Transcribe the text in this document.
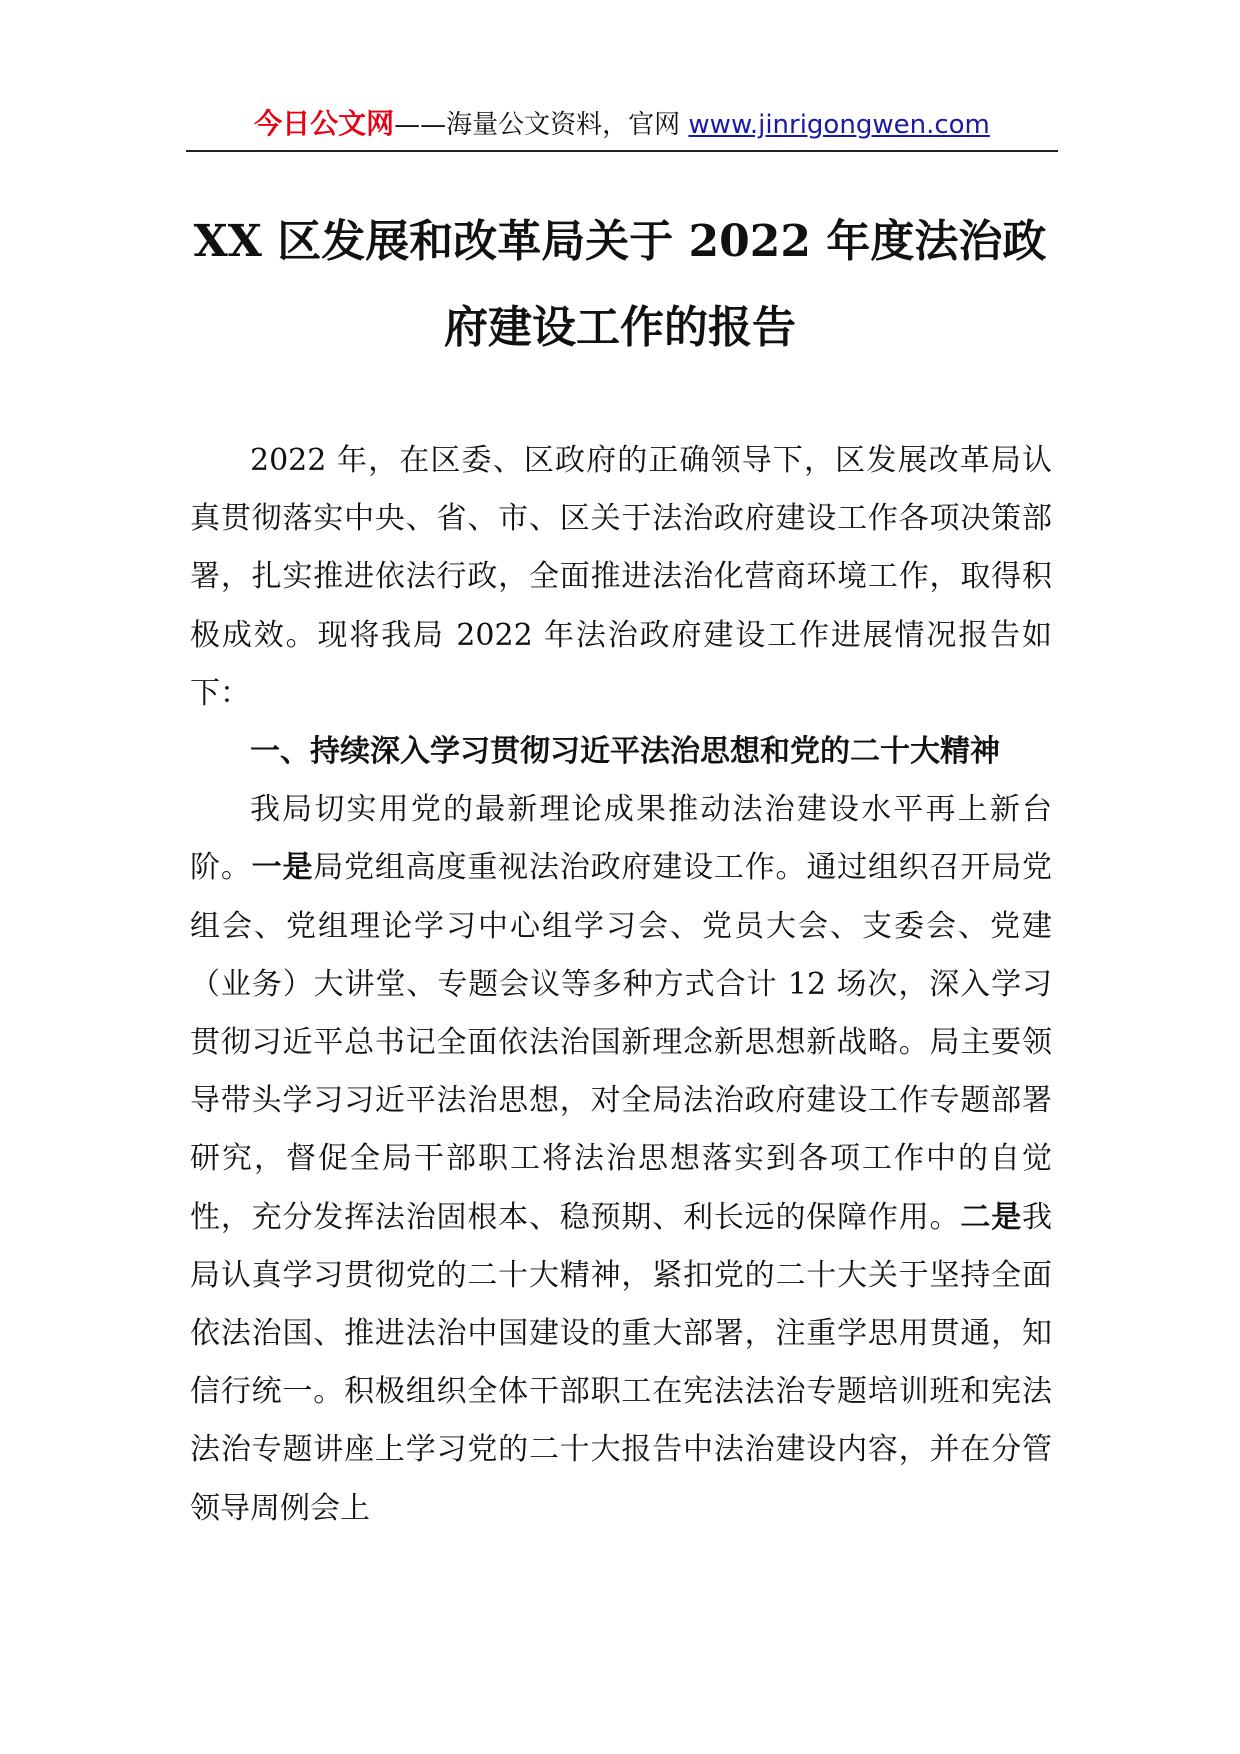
今日公文网——海量公文资料，官网 www.jinrigongwen.com
XX 区发展和改革局关于 2022 年度法治政
府建设工作的报告

2022 年，在区委、区政府的正确领导下，区发展改革局认真贯彻落实中央、省、市、区关于法治政府建设工作各项决策部署，扎实推进依法行政，全面推进法治化营商环境工作，取得积极成效。现将我局 2022 年法治政府建设工作进展情况报告如下：

一、持续深入学习贯彻习近平法治思想和党的二十大精神

我局切实用党的最新理论成果推动法治建设水平再上新台阶。一是局党组高度重视法治政府建设工作。通过组织召开局党组会、党组理论学习中心组学习会、党员大会、支委会、党建（业务）大讲堂、专题会议等多种方式合计 12 场次，深入学习贯彻习近平总书记全面依法治国新理念新思想新战略。局主要领导带头学习习近平法治思想，对全局法治政府建设工作专题部署研究，督促全局干部职工将法治思想落实到各项工作中的自觉性，充分发挥法治固根本、稳预期、利长远的保障作用。二是我局认真学习贯彻党的二十大精神，紧扣党的二十大关于坚持全面依法治国、推进法治中国建设的重大部署，注重学思用贯通，知信行统一。积极组织全体干部职工在宪法法治专题培训班和宪法法治专题讲座上学习党的二十大报告中法治建设内容，并在分管领导周例会上
